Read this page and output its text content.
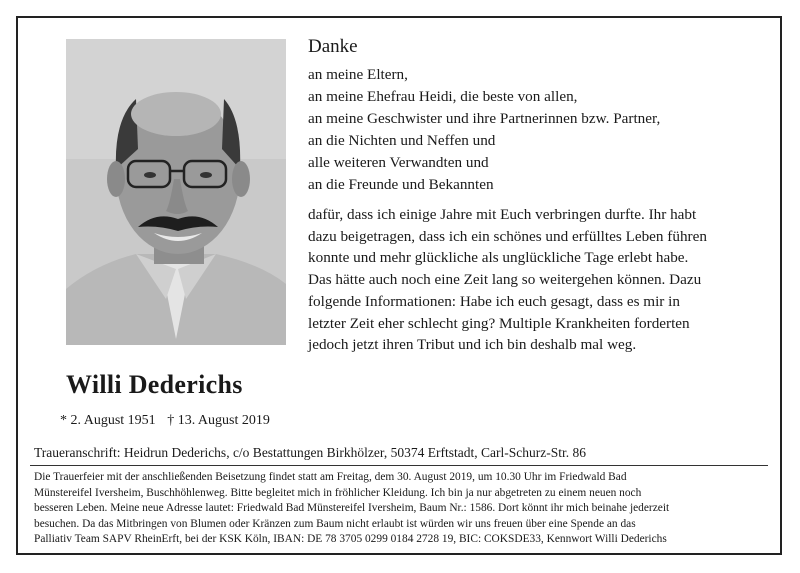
Danke
an meine Eltern,
an meine Ehefrau Heidi, die beste von allen,
an meine Geschwister und ihre Partnerinnen bzw. Partner,
an die Nichten und Neffen und
alle weiteren Verwandten und
an die Freunde und Bekannten
dafür, dass ich einige Jahre mit Euch verbringen durfte. Ihr habt
dazu beigetragen, dass ich ein schönes und erfülltes Leben führen
konnte und mehr glückliche als unglückliche Tage erlebt habe.
Das hätte auch noch eine Zeit lang so weitergehen können. Dazu
folgende Informationen: Habe ich euch gesagt, dass es mir in
letzter Zeit eher schlecht ging? Multiple Krankheiten forderten
jedoch jetzt ihren Tribut und ich bin deshalb mal weg.
Willi Dederichs
* 2. August 1951 † 13. August 2019
Traueranschrift: Heidrun Dederichs, c/o Bestattungen Birkhölzer, 50374 Erftstadt, Carl-Schurz-Str. 86
Die Trauerfeier mit der anschließenden Beisetzung findet statt am Freitag, dem 30. August 2019, um 10.30 Uhr im Friedwald Bad
Münstereifel Iversheim, Buschhöhlenweg. Bitte begleitet mich in fröhlicher Kleidung. Ich bin ja nur abgetreten zu einem neuen noch
besseren Leben. Meine neue Adresse lautet: Friedwald Bad Münstereifel Iversheim, Baum Nr.: 1586. Dort könnt ihr mich beinahe jederzeit
besuchen. Da das Mitbringen von Blumen oder Kränzen zum Baum nicht erlaubt ist würden wir uns freuen über eine Spende an das
Palliativ Team SAPV RheinErft, bei der KSK Köln, IBAN: DE 78 3705 0299 0184 2728 19, BIC: COKSDE33, Kennwort Willi Dederichs
